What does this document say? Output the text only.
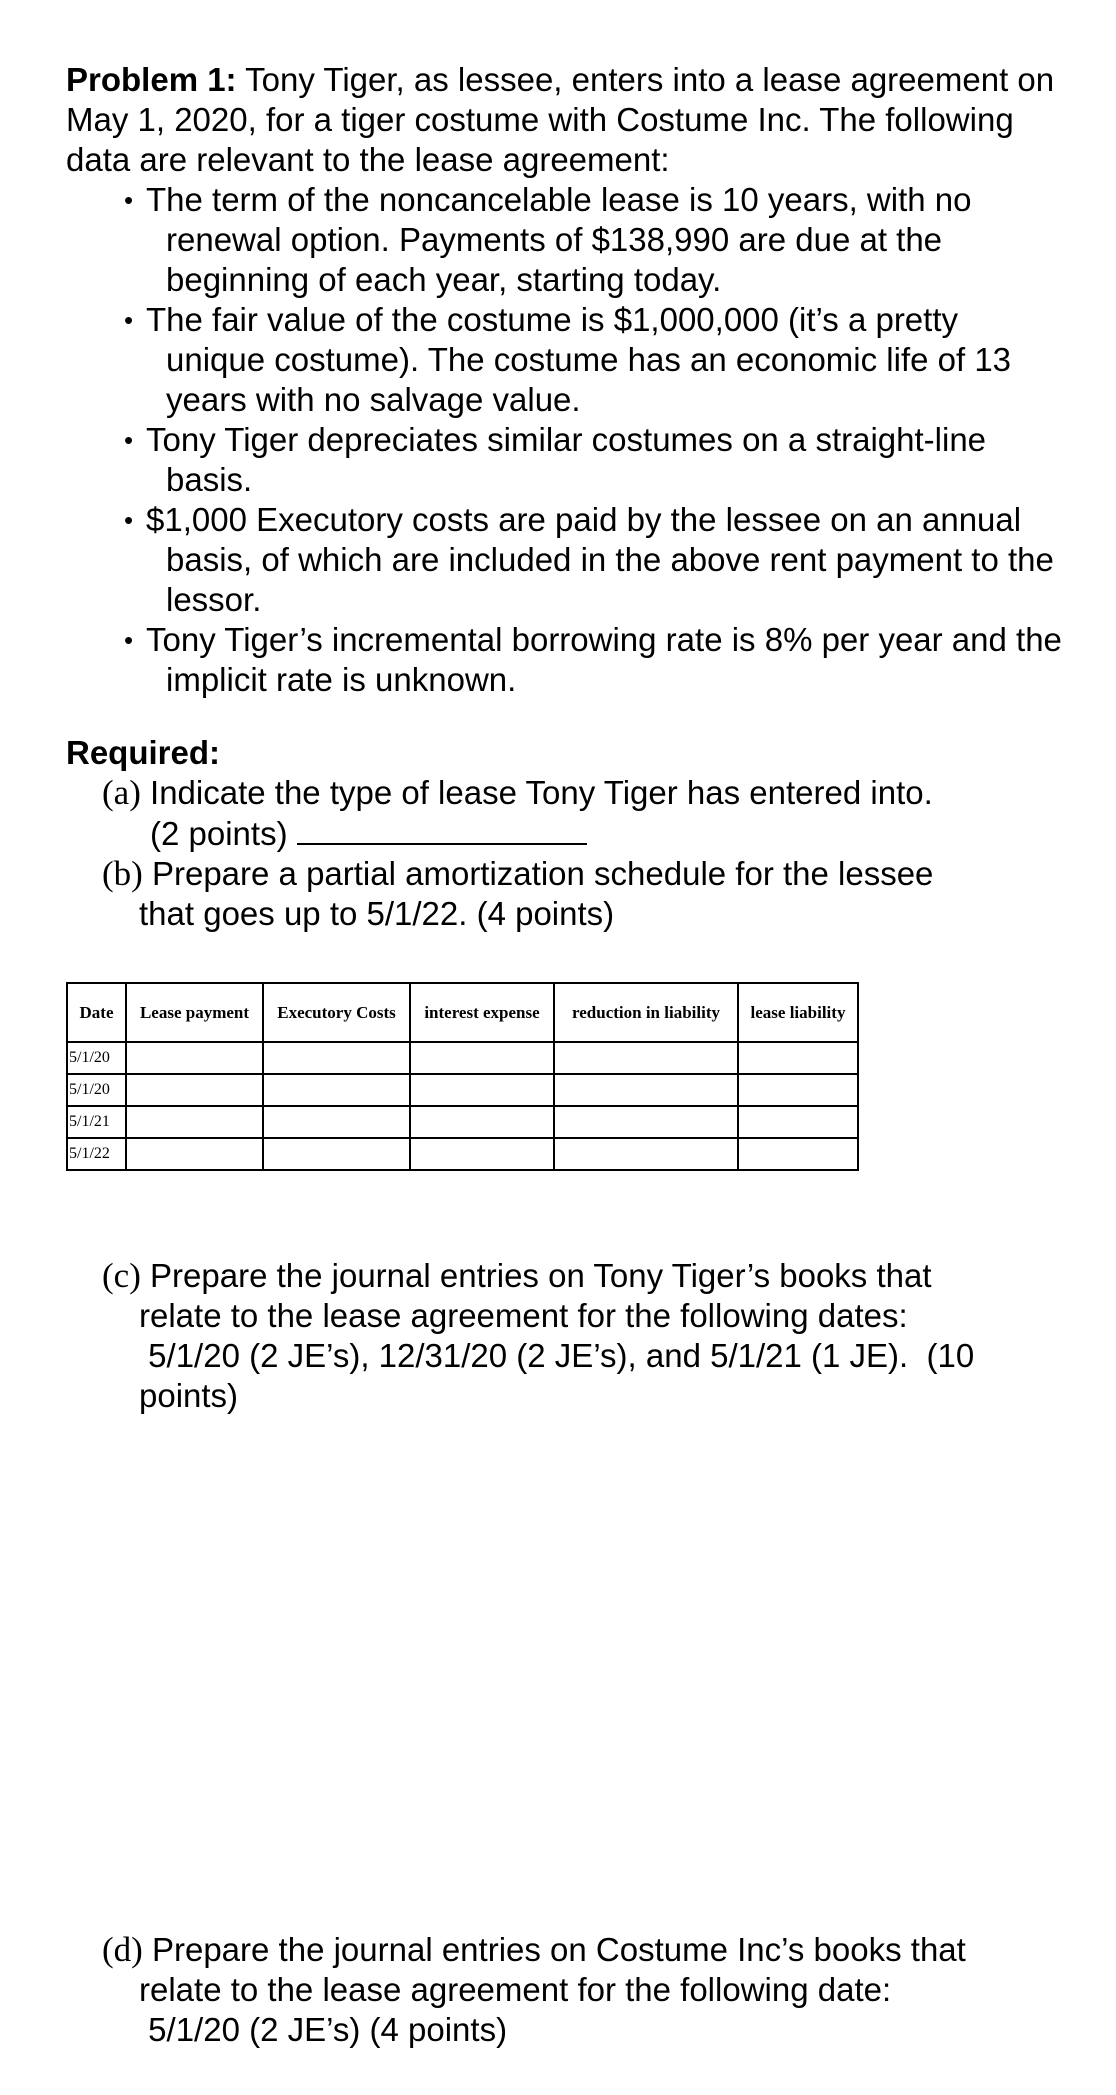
Problem 1: Tony Tiger, as lessee, enters into a lease agreement on May 1, 2020, for a tiger costume with Costume Inc. The following data are relevant to the lease agreement:
• The term of the noncancelable lease is 10 years, with no renewal option. Payments of $138,990 are due at the beginning of each year, starting today.
• The fair value of the costume is $1,000,000 (it’s a pretty unique costume). The costume has an economic life of 13 years with no salvage value.
• Tony Tiger depreciates similar costumes on a straight-line basis.
• $1,000 Executory costs are paid by the lessee on an annual basis, of which are included in the above rent payment to the lessor.
• Tony Tiger’s incremental borrowing rate is 8% per year and the implicit rate is unknown.
Required:
(a) Indicate the type of lease Tony Tiger has entered into.
(2 points)
(b) Prepare a partial amortization schedule for the lessee
that goes up to 5/1/22. (4 points)
Date	Lease payment	Executory Costs	interest expense	reduction in liability	lease liability
5/1/20					
5/1/20					
5/1/21					
5/1/22					
(c) Prepare the journal entries on Tony Tiger’s books that
relate to the lease agreement for the following dates:
5/1/20 (2 JE’s), 12/31/20 (2 JE’s), and 5/1/21 (1 JE).  (10
points)
(d) Prepare the journal entries on Costume Inc’s books that
relate to the lease agreement for the following date:
5/1/20 (2 JE’s) (4 points)
